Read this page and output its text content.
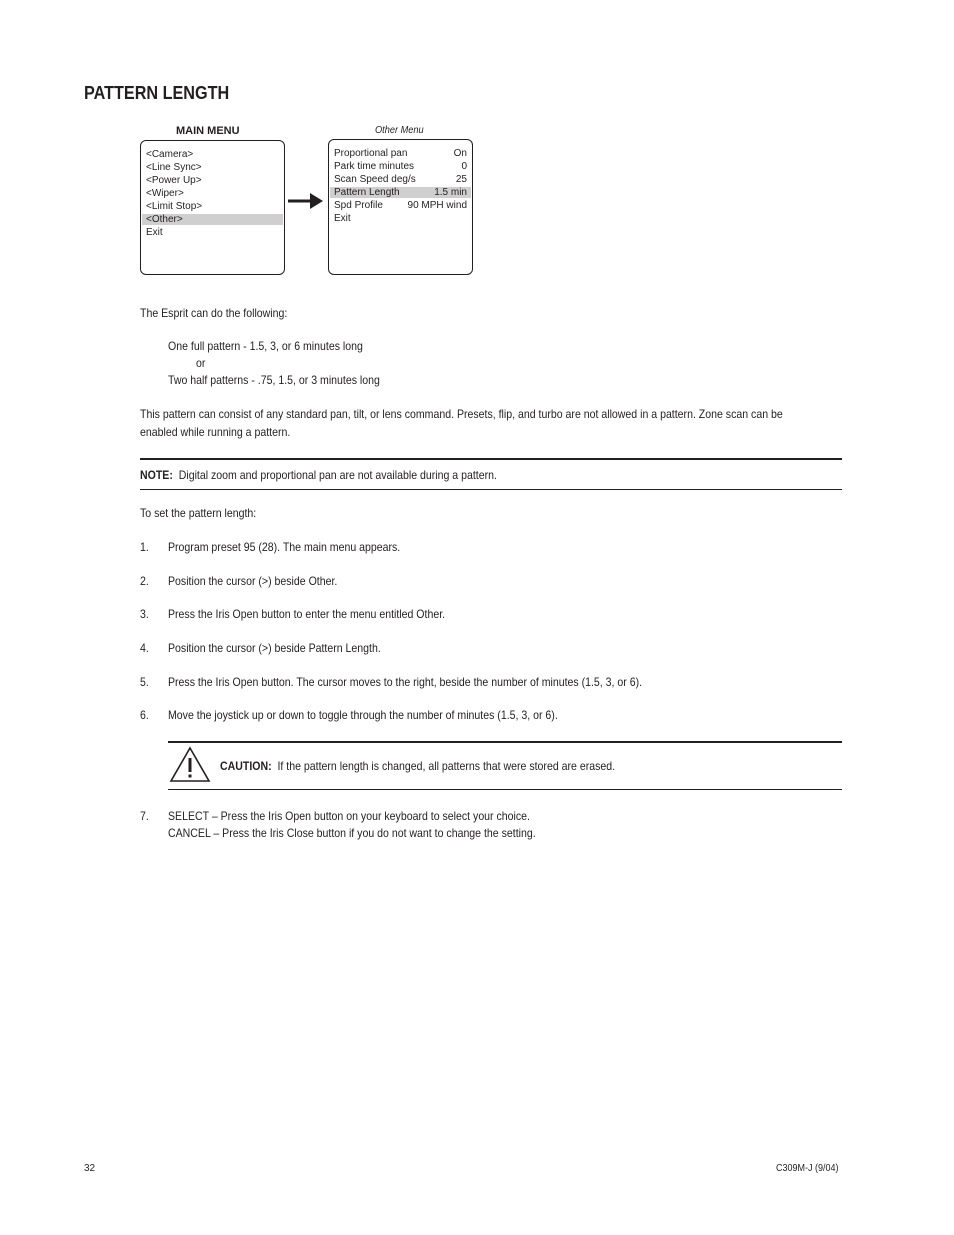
PATTERN LENGTH
MAIN MENU
<Camera>
<Line Sync>
<Power Up>
<Wiper>
<Limit Stop>
<Other>
Exit
Other Menu
Proportional pan	On
Park time minutes	0
Scan Speed deg/s	25
Pattern Length	1.5 min
Spd Profile 90 MPH wind
Exit
The Esprit can do the following:
One full pattern - 1.5, 3, or 6 minutes long
or
Two half patterns - .75, 1.5, or 3 minutes long
This pattern can consist of any standard pan, tilt, or lens command. Presets, flip, and turbo are not allowed in a pattern. Zone scan can be
enabled while running a pattern.
NOTE: Digital zoom and proportional pan are not available during a pattern.
To set the pattern length:
1. Program preset 95 (28). The main menu appears.
2. Position the cursor (>) beside Other.
3. Press the Iris Open button to enter the menu entitled Other.
4. Position the cursor (>) beside Pattern Length.
5. Press the Iris Open button. The cursor moves to the right, beside the number of minutes (1.5, 3, or 6).
6. Move the joystick up or down to toggle through the number of minutes (1.5, 3, or 6).
CAUTION: If the pattern length is changed, all patterns that were stored are erased.
7. SELECT – Press the Iris Open button on your keyboard to select your choice.
CANCEL – Press the Iris Close button if you do not want to change the setting.
32	C309M-J (9/04)
